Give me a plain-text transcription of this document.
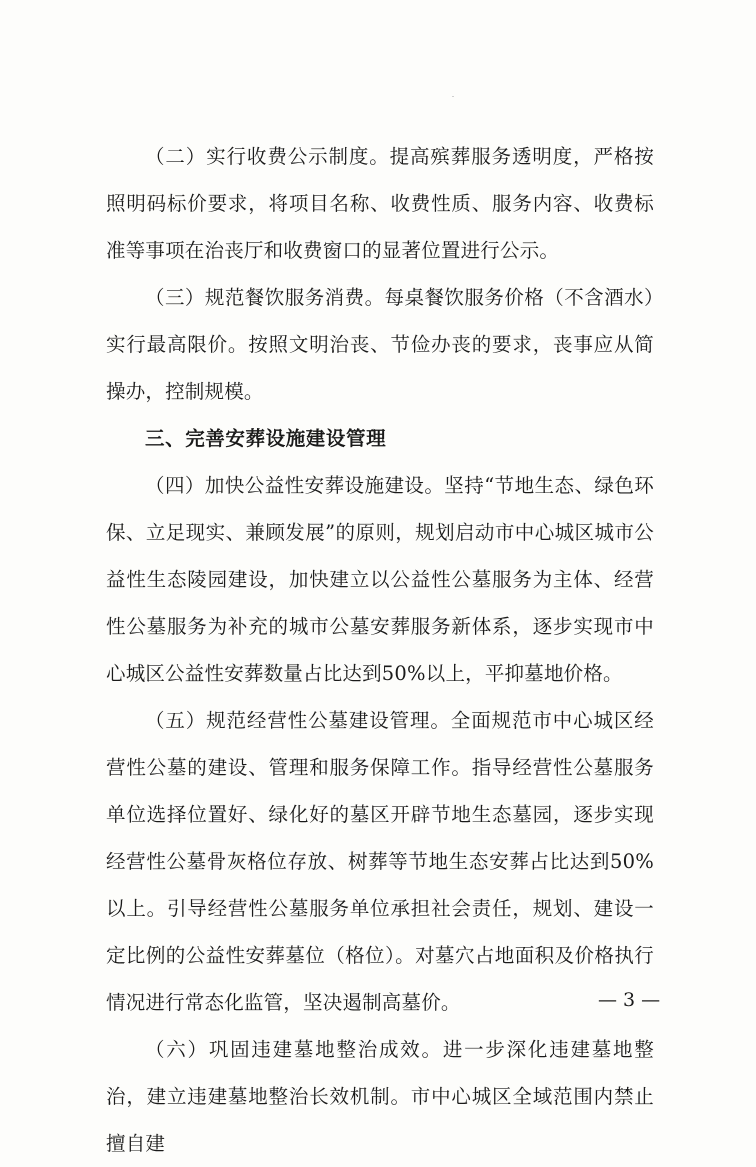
（二）实行收费公示制度。提高殡葬服务透明度，严格按照明码标价要求，将项目名称、收费性质、服务内容、收费标准等事项在治丧厅和收费窗口的显著位置进行公示。

（三）规范餐饮服务消费。每桌餐饮服务价格（不含酒水）实行最高限价。按照文明治丧、节俭办丧的要求，丧事应从简操办，控制规模。

三、完善安葬设施建设管理

（四）加快公益性安葬设施建设。坚持“节地生态、绿色环保、立足现实、兼顾发展”的原则，规划启动市中心城区城市公益性生态陵园建设，加快建立以公益性公墓服务为主体、经营性公墓服务为补充的城市公墓安葬服务新体系，逐步实现市中心城区公益性安葬数量占比达到50%以上，平抑墓地价格。

（五）规范经营性公墓建设管理。全面规范市中心城区经营性公墓的建设、管理和服务保障工作。指导经营性公墓服务单位选择位置好、绿化好的墓区开辟节地生态墓园，逐步实现经营性公墓骨灰格位存放、树葬等节地生态安葬占比达到50%以上。引导经营性公墓服务单位承担社会责任，规划、建设一定比例的公益性安葬墓位（格位）。对墓穴占地面积及价格执行情况进行常态化监管，坚决遏制高墓价。

（六）巩固违建墓地整治成效。进一步深化违建墓地整治，建立违建墓地整治长效机制。市中心城区全域范围内禁止擅自建

— 3 —
